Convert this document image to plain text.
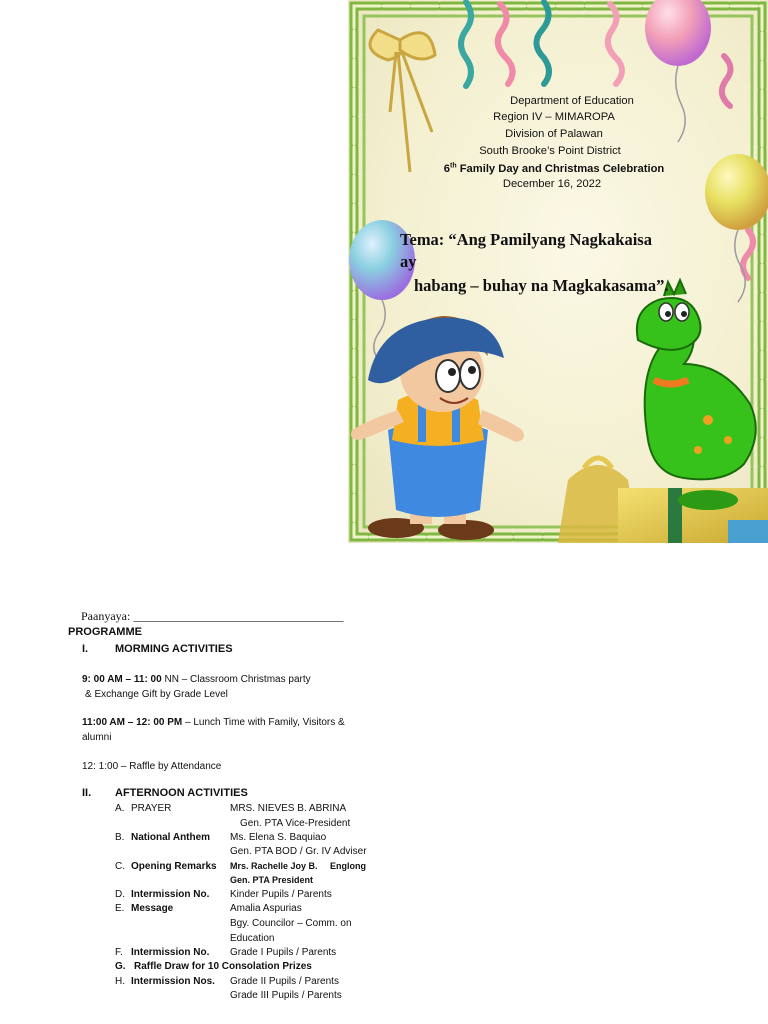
Department of Education
Region IV – MIMAROPA
Division of Palawan
South Brooke’s Point District
6th Family Day and Christmas Celebration
December 16, 2022
Tema: “Ang Pamilyang Nagkakaisa
ay
habang – buhay na Magkakasama”.
Paanyaya: ___________________________________
PROGRAMME
I. MORMING ACTIVITIES
9: 00 AM – 11: 00 NN – Classroom Christmas party
& Exchange Gift by Grade Level
11:00 AM – 12: 00 PM – Lunch Time with Family, Visitors &
alumni
12: 1:00 – Raffle by Attendance
II. AFTERNOON ACTIVITIES
A. PRAYER	MRS. NIEVES B. ABRINA
Gen. PTA Vice-President
B. National Anthem Ms. Elena S. Baquiao
Gen. PTA BOD / Gr. IV Adviser
C. Opening Remarks Mrs. Rachelle Joy B.     Englong
Gen. PTA President
D. Intermission No. Kinder Pupils / Parents
E. Message	Amalia Aspurias
Bgy. Councilor – Comm. on
Education
F. Intermission No. Grade I Pupils / Parents
G. Raffle Draw for 10 Consolation Prizes
H. Intermission Nos. Grade II Pupils / Parents
Grade III Pupils / Parents
